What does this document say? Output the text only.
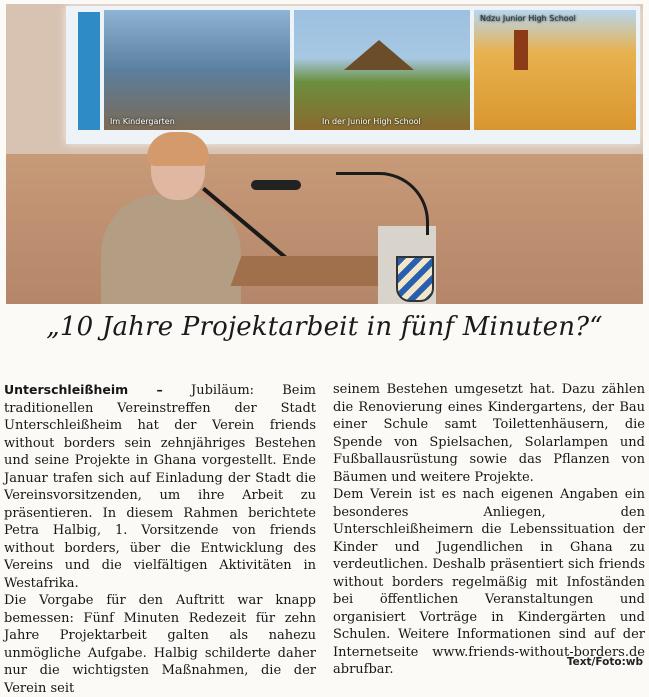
Im Kindergarten	In der Junior High School
Ndzu Junior High School
„10 Jahre Projektarbeit in fünf Minuten?“

Unterschleißheim – Jubiläum: Beim traditionellen Vereinstreffen der Stadt Unterschleißheim hat der Verein friends without borders sein zehnjähriges Bestehen und seine Projekte in Ghana vorgestellt. Ende Januar trafen sich auf Einladung der Stadt die Vereinsvorsitzenden, um ihre Arbeit zu präsentieren. In diesem Rahmen berichtete Petra Halbig, 1. Vorsitzende von friends without borders, über die Entwicklung des Vereins und die vielfältigen Aktivitäten in Westafrika.

Die Vorgabe für den Auftritt war knapp bemessen: Fünf Minuten Redezeit für zehn Jahre Projektarbeit galten als nahezu unmögliche Aufgabe. Halbig schilderte daher nur die wichtigsten Maßnahmen, die der Verein seit

seinem Bestehen umgesetzt hat. Dazu zählen die Renovierung eines Kindergartens, der Bau einer Schule samt Toilettenhäusern, die Spende von Spielsachen, Solarlampen und Fußballausrüstung sowie das Pflanzen von Bäumen und weitere Projekte.

Dem Verein ist es nach eigenen Angaben ein besonderes Anliegen, den Unterschleißheimern die Lebenssituation der Kinder und Jugendlichen in Ghana zu verdeutlichen. Deshalb präsentiert sich friends without borders regelmäßig mit Infoständen bei öffentlichen Veranstaltungen und organisiert Vorträge in Kindergärten und Schulen. Weitere Informationen sind auf der Internetseite www.friends-without-borders.de abrufbar.	Text/Foto:wb
